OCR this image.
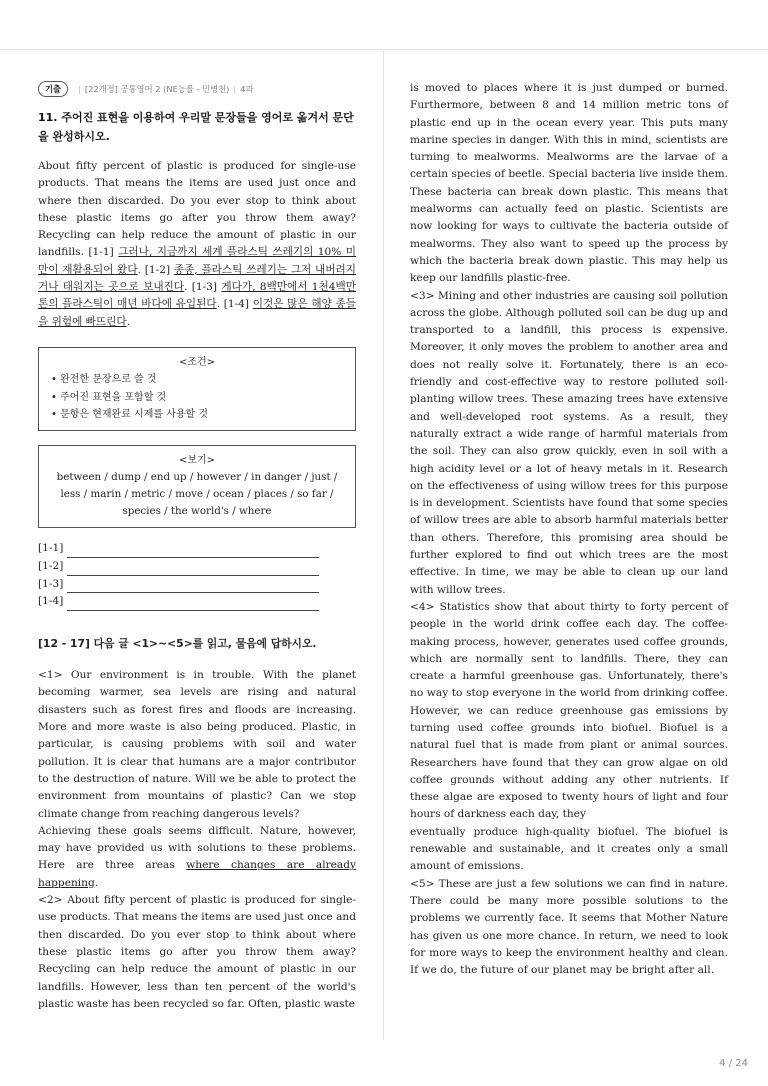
기출	| [22개정] 공통영어 2 (NE능률 - 민병천) | 4과
11. 주어진 표현을 이용하여 우리말 문장들을 영어로 옮겨서 문단을 완성하시오.

About fifty percent of plastic is produced for single-use products. That means the items are used just once and where then discarded. Do you ever stop to think about these plastic items go after you throw them away? Recycling can help reduce the amount of plastic in our landfills. [1-1] 그러나, 지금까지 세계 플라스틱 쓰레기의 10% 미만이 재활용되어 왔다. [1-2] 종종, 플라스틱 쓰레기는 그저 내버려지거나 태워지는 곳으로 보내진다. [1-3] 게다가, 8백만에서 1천4백만 톤의 플라스틱이 매년 바다에 유입된다. [1-4] 이것은 많은 해양 종들을 위험에 빠뜨린다.

<조건>
• 완전한 문장으로 쓸 것
• 주어진 표현을 포함할 것
• 문항은 현재완료 시제를 사용할 것
<보기>
between / dump / end up / however / in danger / just / less / marin / metric / move / ocean / places / so far / species / the world's / where
[1-1]
[1-2]
[1-3]
[1-4]
[12 - 17] 다음 글 <1>~<5>를 읽고, 물음에 답하시오.

<1> Our environment is in trouble. With the planet becoming warmer, sea levels are rising and natural disasters such as forest fires and floods are increasing. More and more waste is also being produced. Plastic, in particular, is causing problems with soil and water pollution. It is clear that humans are a major contributor to the destruction of nature. Will we be able to protect the environment from mountains of plastic? Can we stop climate change from reaching dangerous levels?

Achieving these goals seems difficult. Nature, however, may have provided us with solutions to these problems. Here are three areas where changes are already happening.

<2> About fifty percent of plastic is produced for single-use products. That means the items are used just once and then discarded. Do you ever stop to think about where these plastic items go after you throw them away? Recycling can help reduce the amount of plastic in our landfills. However, less than ten percent of the world's plastic waste has been recycled so far. Often, plastic waste

is moved to places where it is just dumped or burned. Furthermore, between 8 and 14 million metric tons of plastic end up in the ocean every year. This puts many marine species in danger. With this in mind, scientists are turning to mealworms. Mealworms are the larvae of a certain species of beetle. Special bacteria live inside them. These bacteria can break down plastic. This means that mealworms can actually feed on plastic. Scientists are now looking for ways to cultivate the bacteria outside of mealworms. They also want to speed up the process by which the bacteria break down plastic. This may help us keep our landfills plastic-free.

<3> Mining and other industries are causing soil pollution across the globe. Although polluted soil can be dug up and transported to a landfill, this process is expensive. Moreover, it only moves the problem to another area and does not really solve it. Fortunately, there is an eco-friendly and cost-effective way to restore polluted soil-planting willow trees. These amazing trees have extensive and well-developed root systems. As a result, they naturally extract a wide range of harmful materials from the soil. They can also grow quickly, even in soil with a high acidity level or a lot of heavy metals in it. Research on the effectiveness of using willow trees for this purpose is in development. Scientists have found that some species of willow trees are able to absorb harmful materials better than others. Therefore, this promising area should be further explored to find out which trees are the most effective. In time, we may be able to clean up our land with willow trees.

<4> Statistics show that about thirty to forty percent of people in the world drink coffee each day. The coffee-making process, however, generates used coffee grounds, which are normally sent to landfills. There, they can create a harmful greenhouse gas. Unfortunately, there's no way to stop everyone in the world from drinking coffee. However, we can reduce greenhouse gas emissions by turning used coffee grounds into biofuel. Biofuel is a natural fuel that is made from plant or animal sources. Researchers have found that they can grow algae on old coffee grounds without adding any other nutrients. If these algae are exposed to twenty hours of light and four hours of darkness each day, they

eventually produce high-quality biofuel. The biofuel is renewable and sustainable, and it creates only a small amount of emissions.

<5> These are just a few solutions we can find in nature. There could be many more possible solutions to the problems we currently face. It seems that Mother Nature has given us one more chance. In return, we need to look for more ways to keep the environment healthy and clean. If we do, the future of our planet may be bright after all.

4 / 24
